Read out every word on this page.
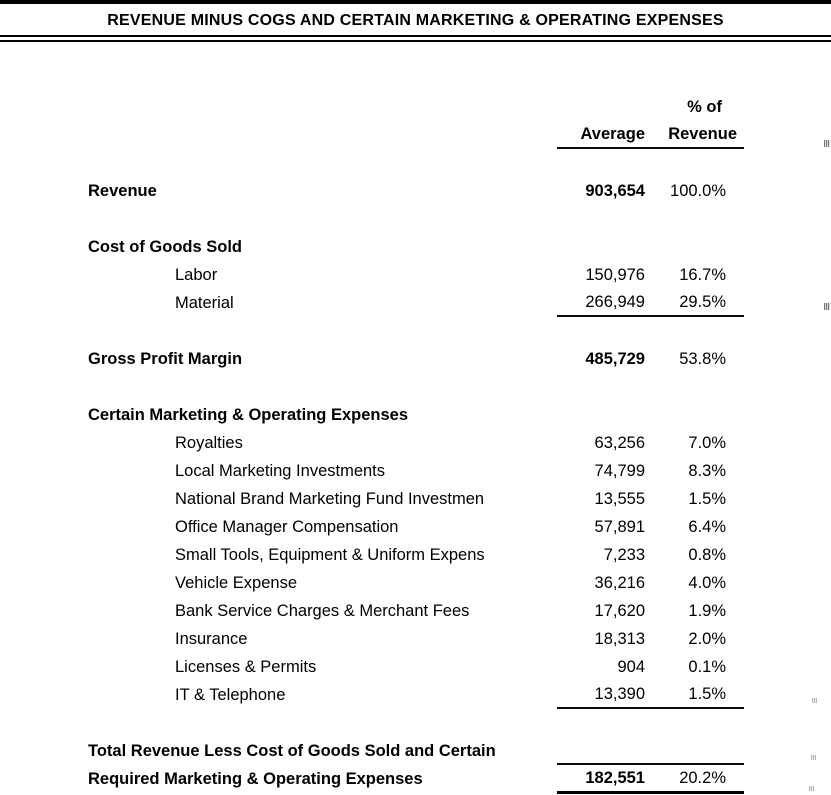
REVENUE MINUS COGS AND CERTAIN MARKETING & OPERATING EXPENSES
% of
Average	Revenue
Revenue	903,654	100.0%
Cost of Goods Sold
Labor	150,976	16.7%
Material	266,949	29.5%
Gross Profit Margin	485,729	53.8%
Certain Marketing & Operating Expenses
Royalties	63,256	7.0%
Local Marketing Investments	74,799	8.3%
National Brand Marketing Fund Investmen	13,555	1.5%
Office Manager Compensation	57,891	6.4%
Small Tools, Equipment & Uniform Expens	7,233	0.8%
Vehicle Expense	36,216	4.0%
Bank Service Charges & Merchant Fees	17,620	1.9%
Insurance	18,313	2.0%
Licenses & Permits	904	0.1%
IT & Telephone	13,390	1.5%
Total Revenue Less Cost of Goods Sold and Certain
Required Marketing & Operating Expenses	182,551	20.2%
